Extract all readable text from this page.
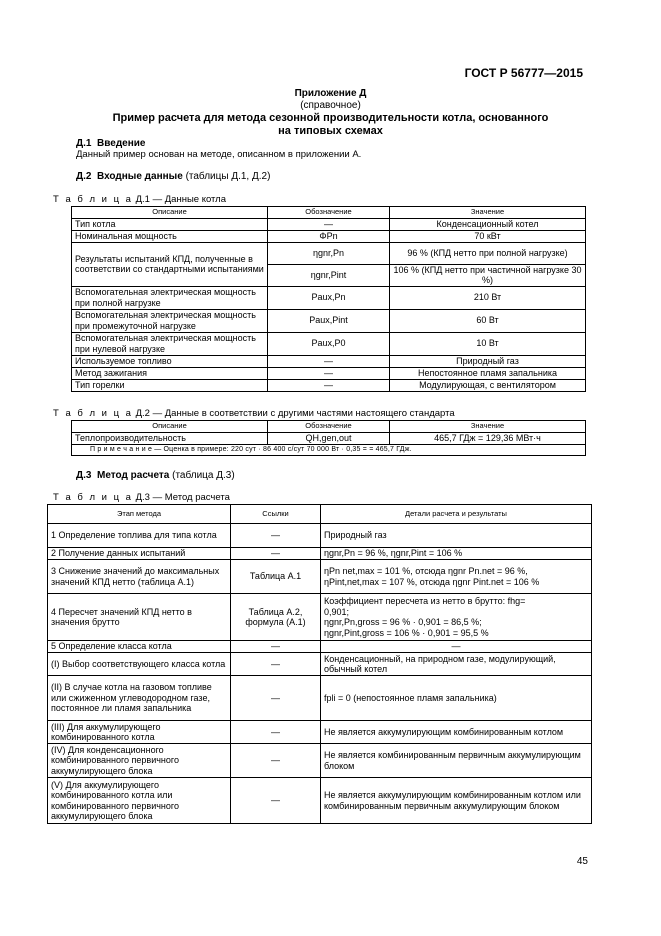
ГОСТ Р 56777—2015
Приложение Д
(справочное)
Пример расчета для метода сезонной производительности котла, основанного
на типовых схемах
Д.1 Введение
Данный пример основан на методе, описанном в приложении А.
Д.2 Входные данные (таблицы Д.1, Д.2)
Т а б л и ц а Д.1 — Данные котла
Описание	Обозначение	Значение
Тип котла	—	Конденсационный котел
Номинальная мощность	ΦPn	70 кВт
Результаты испытаний КПД, полученные в соответствии со стандартными испытаниями	ηgnr,Pn	96 % (КПД нетто при полной нагрузке)
	ηgnr,Pint	106 % (КПД нетто при частичной нагрузке 30 %)
Вспомогательная электрическая мощность при полной нагрузке	Paux,Pn	210 Вт
Вспомогательная электрическая мощность при промежуточной нагрузке	Paux,Pint	60 Вт
Вспомогательная электрическая мощность при нулевой нагрузке	Paux,P0	10 Вт
Используемое топливо	—	Природный газ
Метод зажигания	—	Непостоянное пламя запальника
Тип горелки	—	Модулирующая, с вентилятором
Т а б л и ц а Д.2 — Данные в соответствии с другими частями настоящего стандарта
Описание	Обозначение	Значение
Теплопроизводительность	QH,gen,out	465,7 ГДж = 129,36 МВт·ч
П р и м е ч а н и е — Оценка в примере: 220 сут · 86 400 с/сут 70 000 Вт · 0,35 = = 465,7 ГДж.		
Д.3 Метод расчета (таблица Д.3)
Т а б л и ц а Д.3 — Метод расчета
Этап метода	Ссылки	Детали расчета и результаты
1 Определение топлива для типа котла	—	Природный газ
2 Получение данных испытаний	—	ηgnr,Pn = 96 %, ηgnr,Pint = 106 %
3 Снижение значений до максимальных значений КПД нетто (таблица А.1)	Таблица А.1	ηPn net,max = 101 %, отсюда ηgnr Pn.net = 96 %,
ηPint,net,max = 107 %, отсюда ηgnr Pint.net = 106 %

4 Пересчет значений КПД нетто в значения брутто	Таблица А.2, формула (А.1)	Коэффициент пересчета из нетто в брутто: fhg=
0,901;
ηgnr,Pn,gross = 96 % · 0,901 = 86,5 %;
ηgnr,Pint,gross = 106 % · 0,901 = 95,5 %

5 Определение класса котла	—	—
(I) Выбор соответствующего класса котла	—	Конденсационный, на природном газе, модулирующий, обычный котел
(II) В случае котла на газовом топливе или сжиженном углеводородном газе, постоянное ли пламя запальника	—	fpli = 0 (непостоянное пламя запальника)
(III) Для аккумулирующего комбинированного котла	—	Не является аккумулирующим комбинированным котлом
(IV) Для конденсационного комбинированного первичного аккумулирующего блока	—	Не является комбинированным первичным аккумулирующим блоком
(V) Для аккумулирующего комбинированного котла или комбинированного первичного аккумулирующего блока	—	Не является аккумулирующим комбинированным котлом или комбинированным первичным аккумулирующим блоком
45
